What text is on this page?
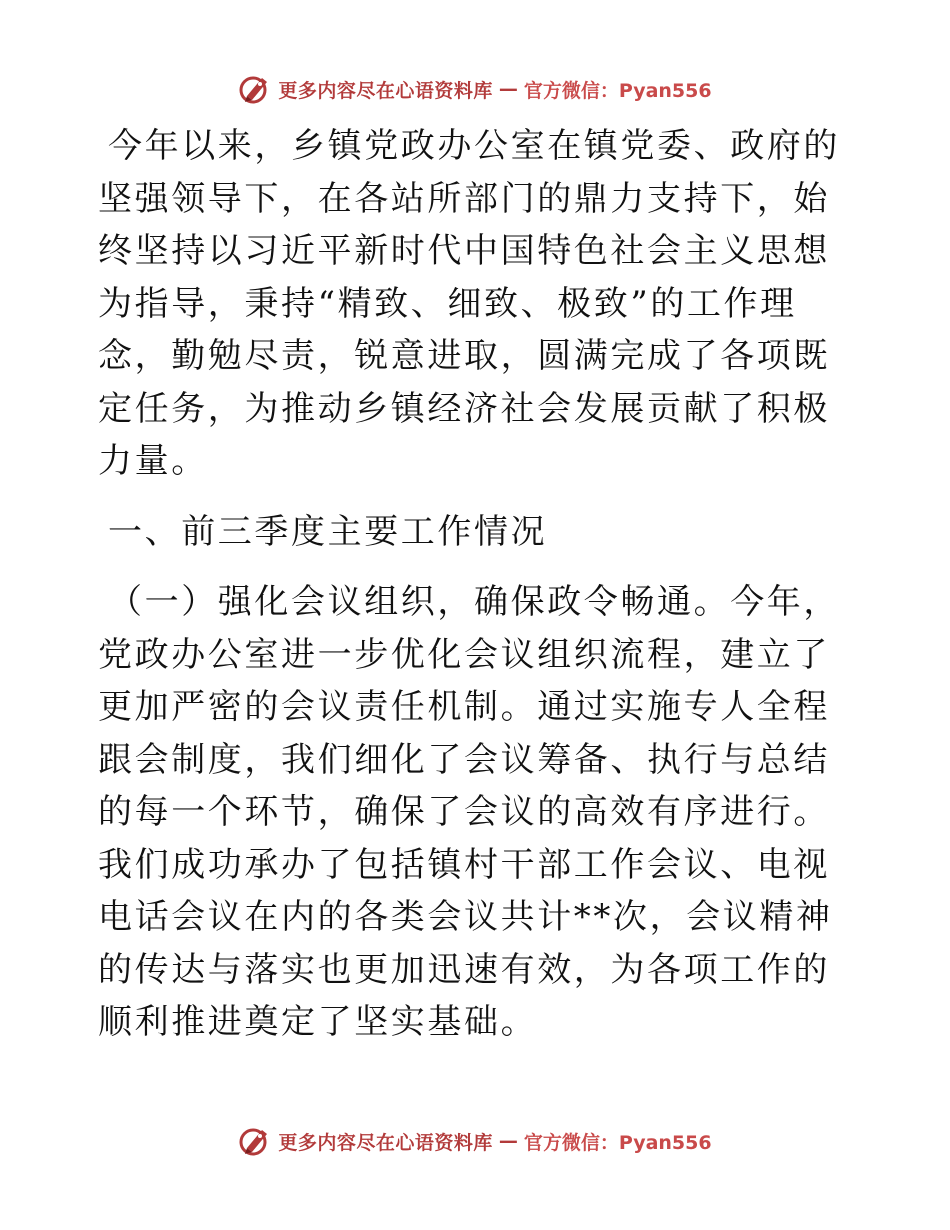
更多内容尽在心语资料库 — 官方微信：Pyan556

今年以来，乡镇党政办公室在镇党委、政府的坚强领导下，在各站所部门的鼎力支持下，始终坚持以习近平新时代中国特色社会主义思想为指导，秉持“精致、细致、极致”的工作理念，勤勉尽责，锐意进取，圆满完成了各项既定任务，为推动乡镇经济社会发展贡献了积极力量。

一、前三季度主要工作情况

（一）强化会议组织，确保政令畅通。今年，党政办公室进一步优化会议组织流程，建立了更加严密的会议责任机制。通过实施专人全程跟会制度，我们细化了会议筹备、执行与总结的每一个环节，确保了会议的高效有序进行。我们成功承办了包括镇村干部工作会议、电视电话会议在内的各类会议共计**次，会议精神的传达与落实也更加迅速有效，为各项工作的顺利推进奠定了坚实基础。

更多内容尽在心语资料库 — 官方微信：Pyan556
